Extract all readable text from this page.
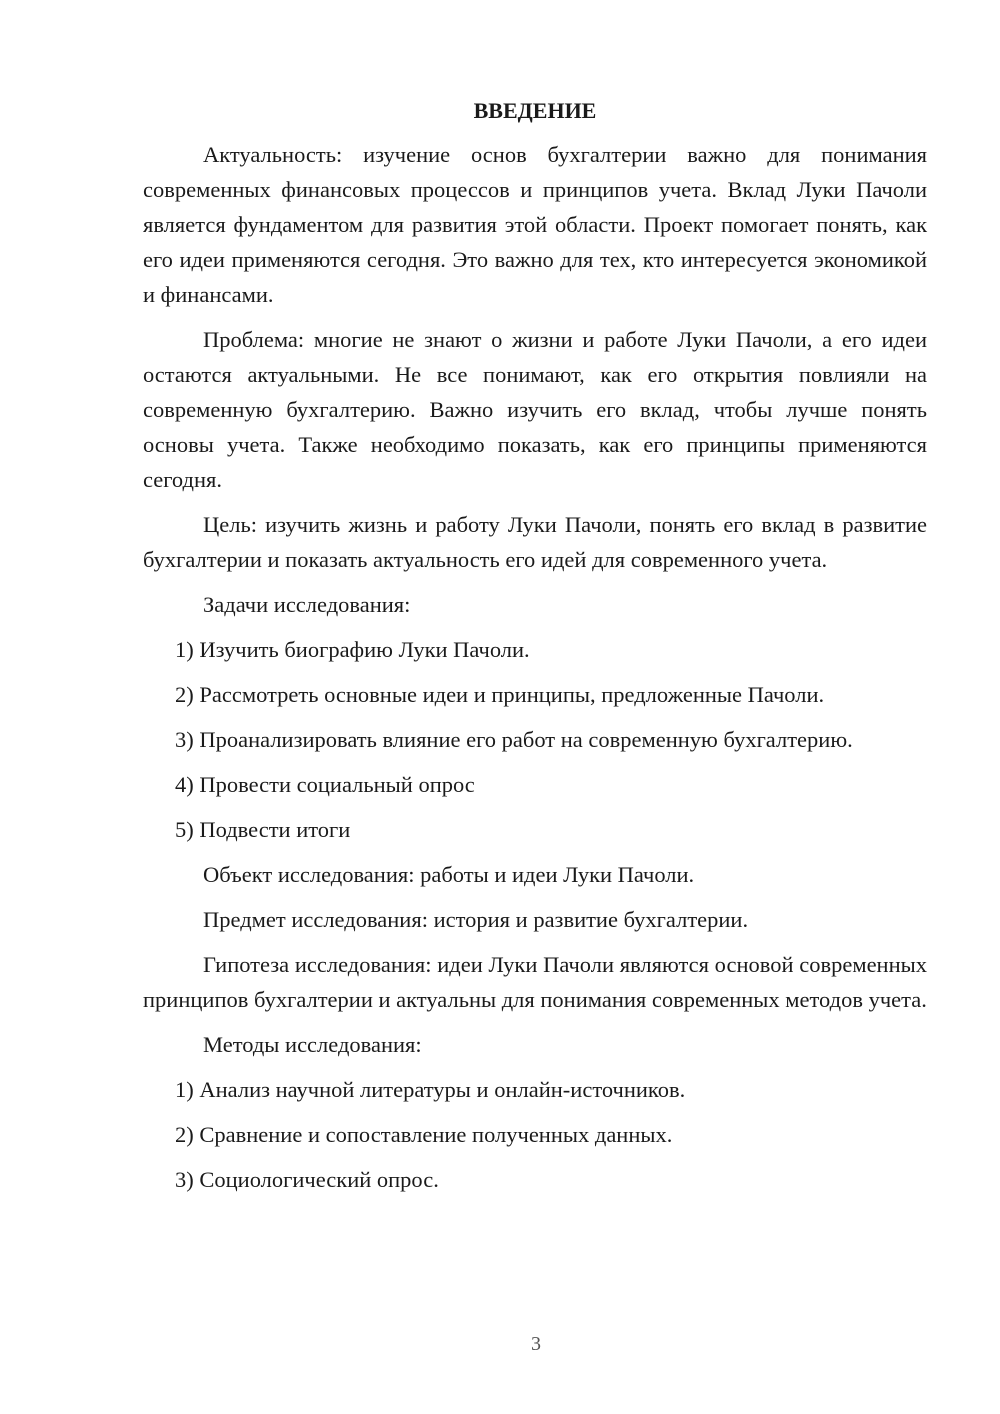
ВВЕДЕНИЕ

Актуальность: изучение основ бухгалтерии важно для понимания современных финансовых процессов и принципов учета. Вклад Луки Пачоли является фундаментом для развития этой области. Проект помогает понять, как его идеи применяются сегодня. Это важно для тех, кто интересуется экономикой и финансами.

Проблема: многие не знают о жизни и работе Луки Пачоли, а его идеи остаются актуальными. Не все понимают, как его открытия повлияли на современную бухгалтерию. Важно изучить его вклад, чтобы лучше понять основы учета. Также необходимо показать, как его принципы применяются сегодня.

Цель: изучить жизнь и работу Луки Пачоли, понять его вклад в развитие бухгалтерии и показать актуальность его идей для современного учета.

Задачи исследования:

1) Изучить биографию Луки Пачоли.
2) Рассмотреть основные идеи и принципы, предложенные Пачоли.
3) Проанализировать влияние его работ на современную бухгалтерию.
4) Провести социальный опрос
5) Подвести итоги

Объект исследования: работы и идеи Луки Пачоли.

Предмет исследования: история и развитие бухгалтерии.

Гипотеза исследования: идеи Луки Пачоли являются основой современных принципов бухгалтерии и актуальны для понимания современных методов учета.

Методы исследования:

1) Анализ научной литературы и онлайн-источников.
2) Сравнение и сопоставление полученных данных.
3) Социологический опрос.
3
